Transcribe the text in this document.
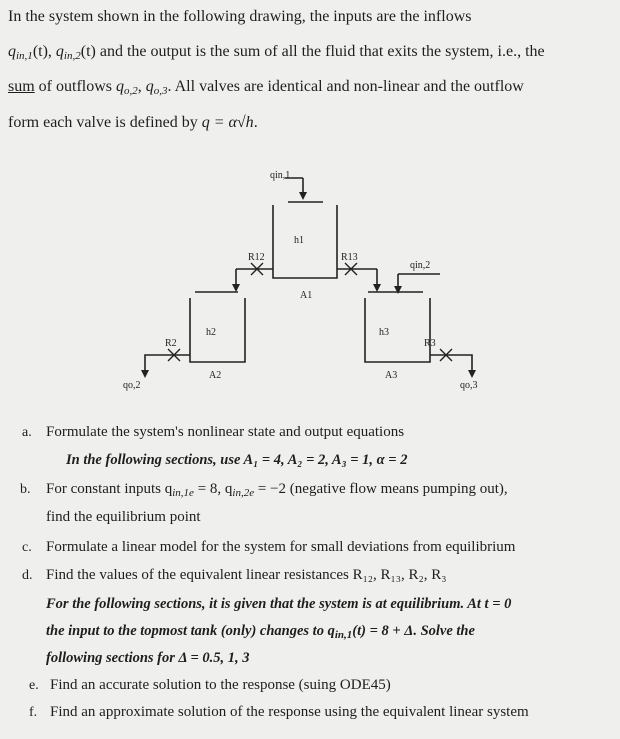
In the system shown in the following drawing, the inputs are the inflows
$q_{in,1}(t)$, $q_{in,2}(t)$ and the output is the sum of all the fluid that exits the system, i.e., the
sum of outflows $q_{o,2}$, $q_{o,3}$. All valves are identical and non-linear and the outflow
form each valve is defined by q = α√h.
qin,1
h1
R12	R13
qin,2
A1
h2	h3
R2	R3
A2	A3
qo,2	qo,3
a. Formulate the system's nonlinear state and output equations
In the following sections, use A₁ = 4, A₂ = 2, A₃ = 1, α = 2
b. For constant inputs $q_{in,1e} = 8$, $q_{in,2e} = -2$ (negative flow means pumping out),
find the equilibrium point
c. Formulate a linear model for the system for small deviations from equilibrium
d. Find the values of the equivalent linear resistances R₁₂, R₁₃, R₂, R₃
For the following sections, it is given that the system is at equilibrium. At t = 0
the input to the topmost tank (only) changes to $q_{in,1}(t) = 8 + \Delta$. Solve the
following sections for Δ = 0.5, 1, 3
e. Find an accurate solution to the response (suing ODE45)
f. Find an approximate solution of the response using the equivalent linear system
